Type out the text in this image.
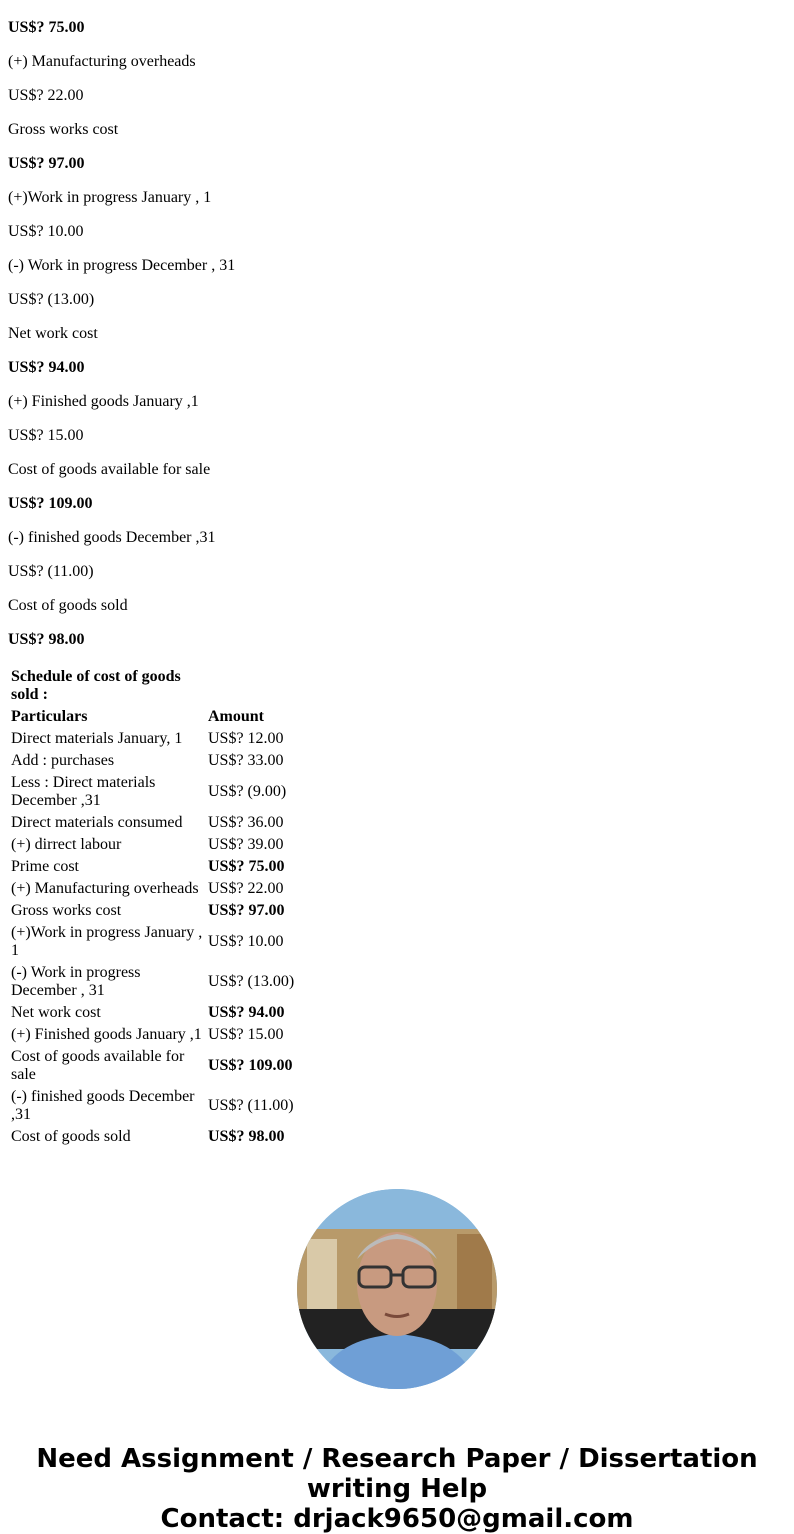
US$? 75.00

(+) Manufacturing overheads

US$? 22.00

Gross works cost

US$? 97.00

(+)Work in progress January , 1

US$? 10.00

(-) Work in progress December , 31

US$? (13.00)

Net work cost

US$? 94.00

(+) Finished goods January ,1

US$? 15.00

Cost of goods available for sale

US$? 109.00

(-) finished goods December ,31

US$? (11.00)

Cost of goods sold

US$? 98.00

Schedule of cost of goods sold :	
Particulars	Amount
Direct materials January, 1	US$? 12.00
Add : purchases	US$? 33.00
Less : Direct materials December ,31	US$? (9.00)
Direct materials consumed	US$? 36.00
(+) dirrect labour	US$? 39.00
Prime cost	US$? 75.00
(+) Manufacturing overheads	US$? 22.00
Gross works cost	US$? 97.00
(+)Work in progress January , 1	US$? 10.00
(-) Work in progress December , 31	US$? (13.00)
Net work cost	US$? 94.00
(+) Finished goods January ,1	US$? 15.00
Cost of goods available for sale	US$? 109.00
(-) finished goods December ,31	US$? (11.00)
Cost of goods sold	US$? 98.00
Need Assignment / Research Paper / Dissertation writing Help
Contact: drjack9650@gmail.com
